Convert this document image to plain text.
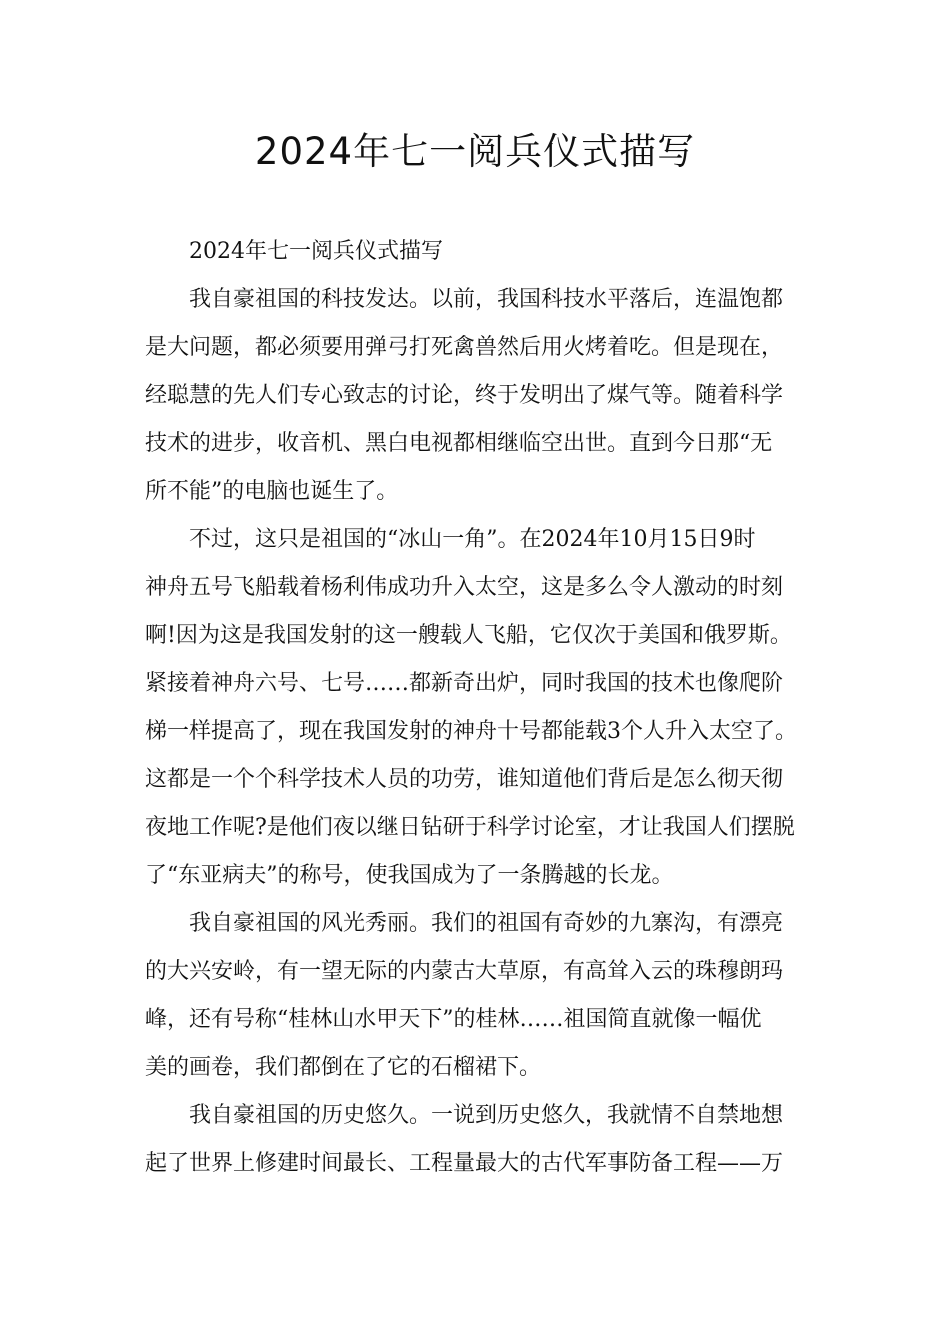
2024年七一阅兵仪式描写
2024年七一阅兵仪式描写
我自豪祖国的科技发达。以前，我国科技水平落后，连温饱都
是大问题，都必须要用弹弓打死禽兽然后用火烤着吃。但是现在，
经聪慧的先人们专心致志的讨论，终于发明出了煤气等。随着科学
技术的进步，收音机、黑白电视都相继临空出世。直到今日那“无
所不能”的电脑也诞生了。
不过，这只是祖国的“冰山一角”。在2024年10月15日9时
神舟五号飞船载着杨利伟成功升入太空，这是多么令人激动的时刻
啊!因为这是我国发射的这一艘载人飞船，它仅次于美国和俄罗斯。
紧接着神舟六号、七号……都新奇出炉，同时我国的技术也像爬阶
梯一样提高了，现在我国发射的神舟十号都能载3个人升入太空了。
这都是一个个科学技术人员的功劳，谁知道他们背后是怎么彻天彻
夜地工作呢?是他们夜以继日钻研于科学讨论室，才让我国人们摆脱
了“东亚病夫”的称号，使我国成为了一条腾越的长龙。
我自豪祖国的风光秀丽。我们的祖国有奇妙的九寨沟，有漂亮
的大兴安岭，有一望无际的内蒙古大草原，有高耸入云的珠穆朗玛
峰，还有号称“桂林山水甲天下”的桂林……祖国简直就像一幅优
美的画卷，我们都倒在了它的石榴裙下。
我自豪祖国的历史悠久。一说到历史悠久，我就情不自禁地想
起了世界上修建时间最长、工程量最大的古代军事防备工程——万
